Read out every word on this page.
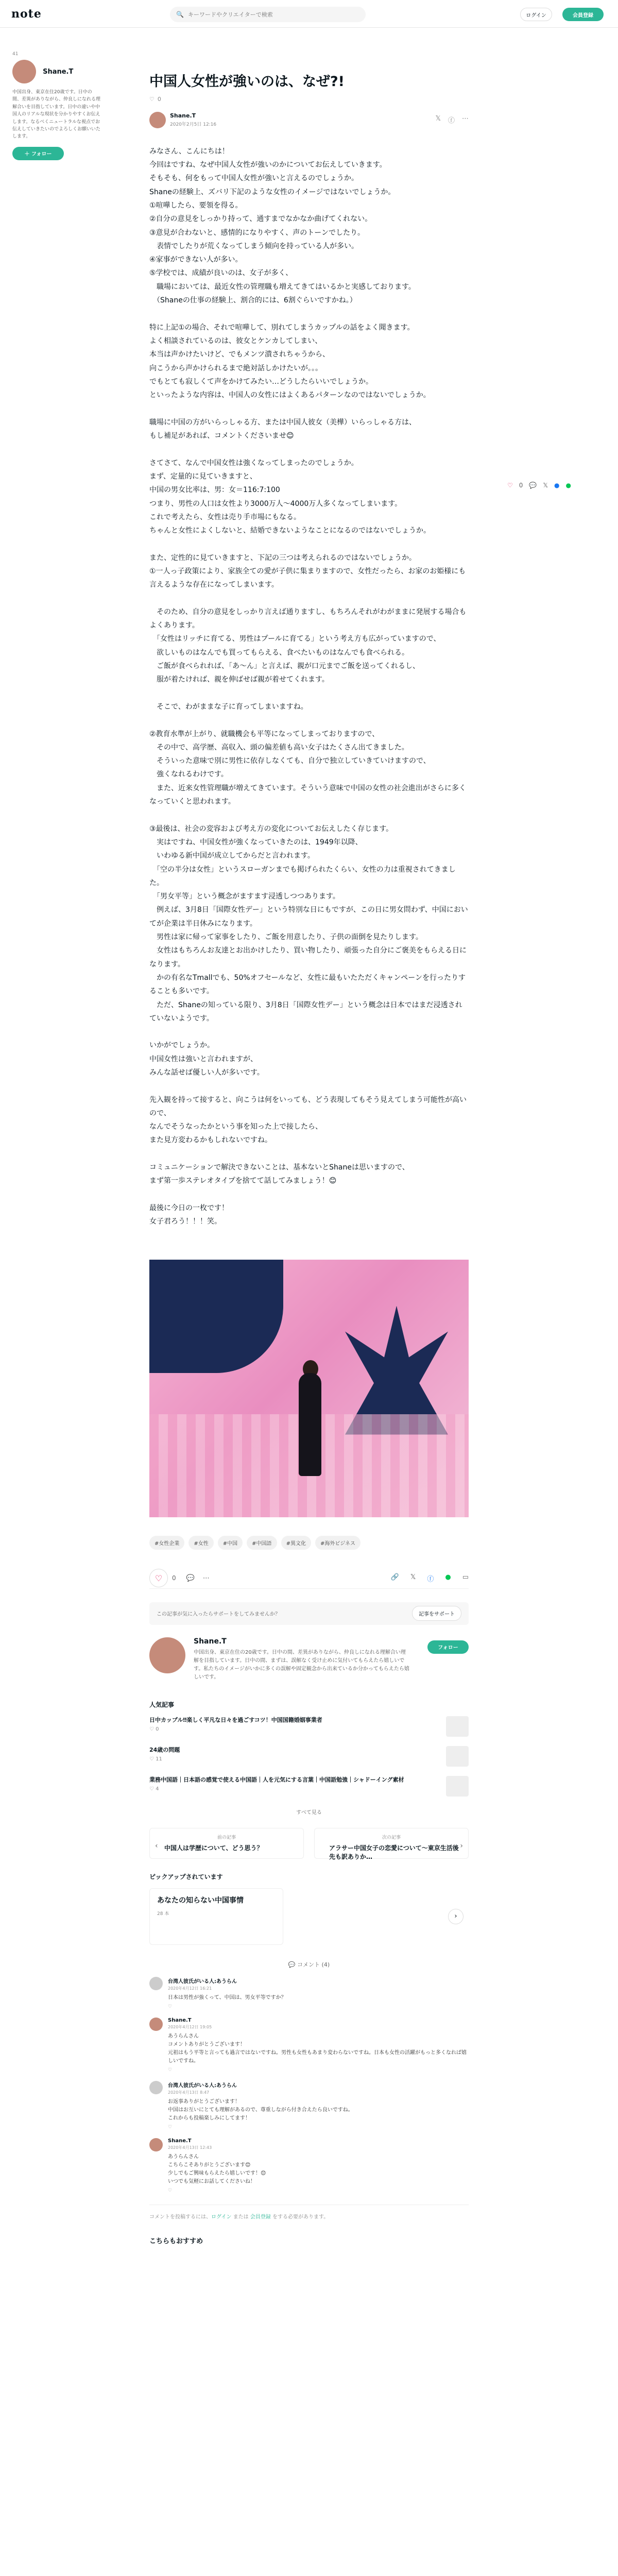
note	🔍
キーワードやクリエイターで検索	ログイン	会員登録
41
Shane.T
中国出身、東京在住20歳です。日中の間、差異がありながら、仲良しになれる理解合いを目指しています。日中の違いや中国人のリアルな現状を分かりやすくお伝えします。なるべくニュートラルな視点でお伝えしていきたいのでよろしくお願いいたします。
＋
フォロー
♡ 0 💬 𝕏 ● ●
中国人女性が強いのは、なぜ?!
♡ 0
Shane.T
2020年2月5日 12:16
𝕏 ⓕ ⋯

みなさん、こんにちは！

今回はですね、なぜ中国人女性が強いのかについてお伝えしていきます。

そもそも、何をもって中国人女性が強いと言えるのでしょうか。

Shaneの経験上、ズバリ下記のような女性のイメージではないでしょうか。

①喧嘩したら、要領を得る。

②自分の意見をしっかり持って、通すまでなかなか曲げてくれない。

③意見が合わないと、感情的になりやすく、声のトーンでしたり。

　表情でしたりが荒くなってしまう傾向を持っている人が多い。

④家事ができない人が多い。

⑤学校では、成績が良いのは、女子が多く、

　職場においては、最近女性の管理職も増えてきてはいるかと実感しております。

　（Shaneの仕事の経験上、割合的には、6割ぐらいですかね。）

特に上記①の場合、それで喧嘩して、別れてしまうカップルの話をよく聞きます。

よく相談されているのは、彼女とケンカしてしまい、

本当は声かけたいけど、でもメンツ潰されちゃうから、

向こうから声かけられるまで絶対話しかけたいが。。。

でもとても寂しくて声をかけてみたい…どうしたらいいでしょうか。

といったような内容は、中国人の女性にはよくあるパターンなのではないでしょうか。

職場に中国の方がいらっしゃる方、または中国人彼女（美樺）いらっしゃる方は、

もし補足があれば、コメントくださいませ😊

さてさて、なんで中国女性は強くなってしまったのでしょうか。

まず、定量的に見ていきますと、

中国の男女比率は、男：女＝116:7:100

つまり、男性の人口は女性より3000万人〜4000万人多くなってしまいます。

これで考えたら、女性は売り手市場にもなる。

ちゃんと女性によくしないと、結婚できないようなことになるのではないでしょうか。

また、定性的に見ていきますと、下記の三つは考えられるのではないでしょうか。

①一人っ子政策により、家族全ての愛が子供に集まりますので、女性だったら、お家のお姫様にも言えるような存在になってしまいます。

　そのため、自分の意見をしっかり言えば通りますし、もちろんそれがわがままに発展する場合もよくあります。

　「女性はリッチに育てる、男性はプールに育てる」という考え方も広がっていますので、

　欲しいものはなんでも買ってもらえる、食べたいものはなんでも食べられる。

　ご飯が食べられれば、「あ〜ん」と言えば、親が口元までご飯を送ってくれるし、

　服が着たければ、親を伸ばせば親が着せてくれます。

　そこで、わがままな子に育ってしまいますね。

②教育水準が上がり、就職機会も平等になってしまっておりますので、

　その中で、高学歴、高収入、頭の偏差値も高い女子はたくさん出てきました。

　そういった意味で別に男性に依存しなくても、自分で独立していきていけますので、

　強くなれるわけです。

　また、近来女性管理職が増えてきています。そういう意味で中国の女性の社会進出がさらに多くなっていくと思われます。

③最後は、社会の変容および考え方の変化についてお伝えしたく存じます。

　実はですね、中国女性が強くなっていきたのは、1949年以降、

　いわゆる新中国が成立してからだと言われます。

　「空の半分は女性」というスローガンまでも掲げられたくらい、女性の力は重視されてきました。

　「男女平等」という概念がますます浸透しつつあります。

　例えば、3月8日「国際女性デー」という特別な日にもですが、この日に男女問わず、中国においてが企業は半日休みになります。

　男性は家に帰って家事をしたり、ご飯を用意したり、子供の面倒を見たりします。

　女性はもちろんお友達とお出かけしたり、買い物したり、頑張った自分にご褒美をもらえる日になります。

　かの有名なTmallでも、50%オフセールなど、女性に最もいたただくキャンペーンを行ったりすることも多いです。

　ただ、Shaneの知っている限り、3月8日「国際女性デー」という概念は日本ではまだ浸透されていないようです。

いかがでしょうか。

中国女性は強いと言われますが、

みんな話せば優しい人が多いです。

先入観を持って接すると、向こうは何をいっても、どう表現してもそう見えてしまう可能性が高いので、

なんでそうなったかという事を知った上で接したら、

また見方変わるかもしれないですね。

コミュニケーションで解決できないことは、基本ないとShaneは思いますので、

まず第一歩ステレオタイプを捨てて話してみましょう！😊

最後に今日の一枚です！

女子君ろう！！！笑。

#女性企業	#女性	#中国	#中国語	#異文化	#海外ビジネス
♡ 0 💬 ⋯	🔗 𝕏 ⓕ ● ▭
この記事が気に入ったらサポートをしてみませんか？	記事をサポート
Shane.T
中国出身、東京在住の20歳です。日中の間、差異がありながら、仲良しになれる理解合い理解を目指しています。日中の間、まずは、誤解なく受け止めに気付いてもらえたら嬉しいです。私たちのイメージがいかに多くの誤解や固定観念から出来ているか分かってもらえたら嬉しいです。
フォロー
人気記事
日中カップル‼︎楽しく平凡な日々を過ごすコツ！中国国籍婚姻事業者
♡ 0
24歳の問題
♡ 11
業務中国語｜日本語の感覚で使える中国語｜人を元気にする言葉｜中国語勉強｜シャドーイング素材
♡ 4
すべて見る
前の記事
‹	中国人は学歴について、どう思う？
次の記事
›
アラサー中国女子の恋愛について〜東京生活後先も訳ありか…
ピックアップされています
あなたの知らない中国事情
28 本	›
💬 コメント (4)
台湾人彼氏がいる人:あうらん
2020年4月12日 16:21
日本は男性が強くって、中国は、男女平等ですか？
♡
Shane.T
2020年4月12日 19:05
あうらんさん
コメントありがとうございます！
元祖はもう平等と言っても過言ではないですね。男性も女性もあまり変わらないですね。日本も女性の活躍がもっと多くなれば嬉しいですね。
♡
台湾人彼氏がいる人:あうらん
2020年4月13日 8:47
お返事ありがとうございます！
中国はお互いにとても理解があるので、尊重しながら付き合えたら良いですね。
これからも投稿楽しみにしてます！
♡
Shane.T
2020年4月13日 12:43
あうらんさん
こちらこそありがとうございます😊
少しでもご興味もらえたら嬉しいです！😊
いつでも気軽にお話してくださいね！
♡
コメントを投稿するには、ログイン または 会員登録 をする必要があります。
こちらもおすすめ
